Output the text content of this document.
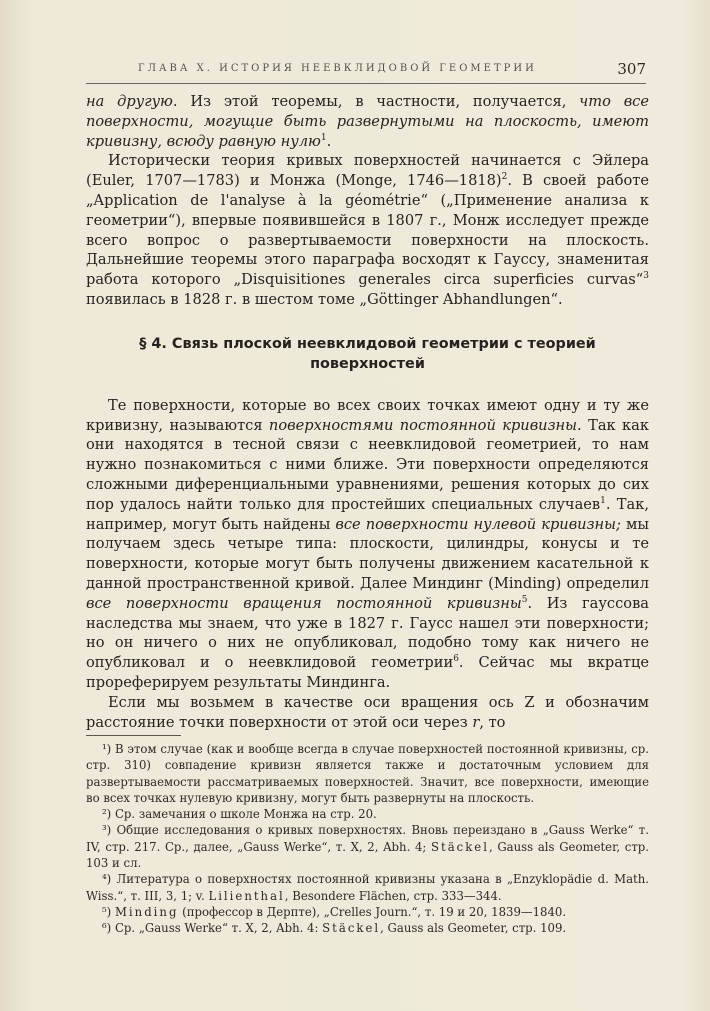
ГЛАВА X. ИСТОРИЯ НЕЕВКЛИДОВОЙ ГЕОМЕТРИИ	307

на другую. Из этой теоремы, в частности, получается, что все поверхности, могущие быть развернутыми на плоскость, имеют кривизну, всюду равную нулю$^1$.

Исторически теория кривых поверхностей начинается с Эйлера (Euler, 1707—1783) и Монжа (Monge, 1746—1818)$^2$. В своей работе „Application de l'analyse à la géométrie“ („Применение анализа к геометрии“), впервые появившейся в 1807 г., Монж исследует прежде всего вопрос о развертываемости поверхности на плоскость. Дальнейшие теоремы этого параграфа восходят к Гауссу, знаменитая работа которого „Disquisitiones generales circa superficies curvas“$^3$ появилась в 1828 г. в шестом томе „Göttinger Abhandlungen“.

§ 4. Связь плоской неевклидовой геометрии с теорией поверхностей

Те поверхности, которые во всех своих точках имеют одну и ту же кривизну, называются поверхностями постоянной кривизны. Так как они находятся в тесной связи с неевклидовой геометрией, то нам нужно познакомиться с ними ближе. Эти поверхности определяются сложными диференциальными уравнениями, решения которых до сих пор удалось найти только для простейших специальных случаев$^1$. Так, например, могут быть найдены все поверхности нулевой кривизны; мы получаем здесь четыре типа: плоскости, цилиндры, конусы и те поверхности, которые могут быть получены движением касательной к данной пространственной кривой. Далее Миндинг (Minding) определил все поверхности вращения постоянной кривизны$^5$. Из гауссова наследства мы знаем, что уже в 1827 г. Гаусс нашел эти поверхности; но он ничего о них не опубликовал, подобно тому как ничего не опубликовал и о неевклидовой геометрии$^6$. Сейчас мы вкратце прореферируем результаты Миндинга.

Если мы возьмем в качестве оси вращения ось Z и обозначим расстояние точки поверхности от этой оси через r, то

¹) В этом случае (как и вообще всегда в случае поверхностей постоянной кривизны, ср. стр. 310) совпадение кривизн является также и достаточным условием для развертываемости рассматриваемых поверхностей. Значит, все поверхности, имеющие во всех точках нулевую кривизну, могут быть развернуты на плоскость.

²) Ср. замечания о школе Монжа на стр. 20.

³) Общие исследования о кривых поверхностях. Вновь переиздано в „Gauss Werke“ т. IV, стр. 217. Ср., далее, „Gauss Werke“, т. X, 2, Abh. 4; Stäckel, Gauss als Geometer, стр. 103 и сл.

⁴) Литература о поверхностях постоянной кривизны указана в „Enzyklopädie d. Math. Wiss.“, т. III, 3, 1; v. Lilienthal, Besondere Flächen, стр. 333—344.

⁵) Minding (профессор в Дерпте), „Crelles Journ.“, т. 19 и 20, 1839—1840.

⁶) Ср. „Gauss Werke“ т. X, 2, Abh. 4: Stäckel, Gauss als Geometer, стр. 109.
